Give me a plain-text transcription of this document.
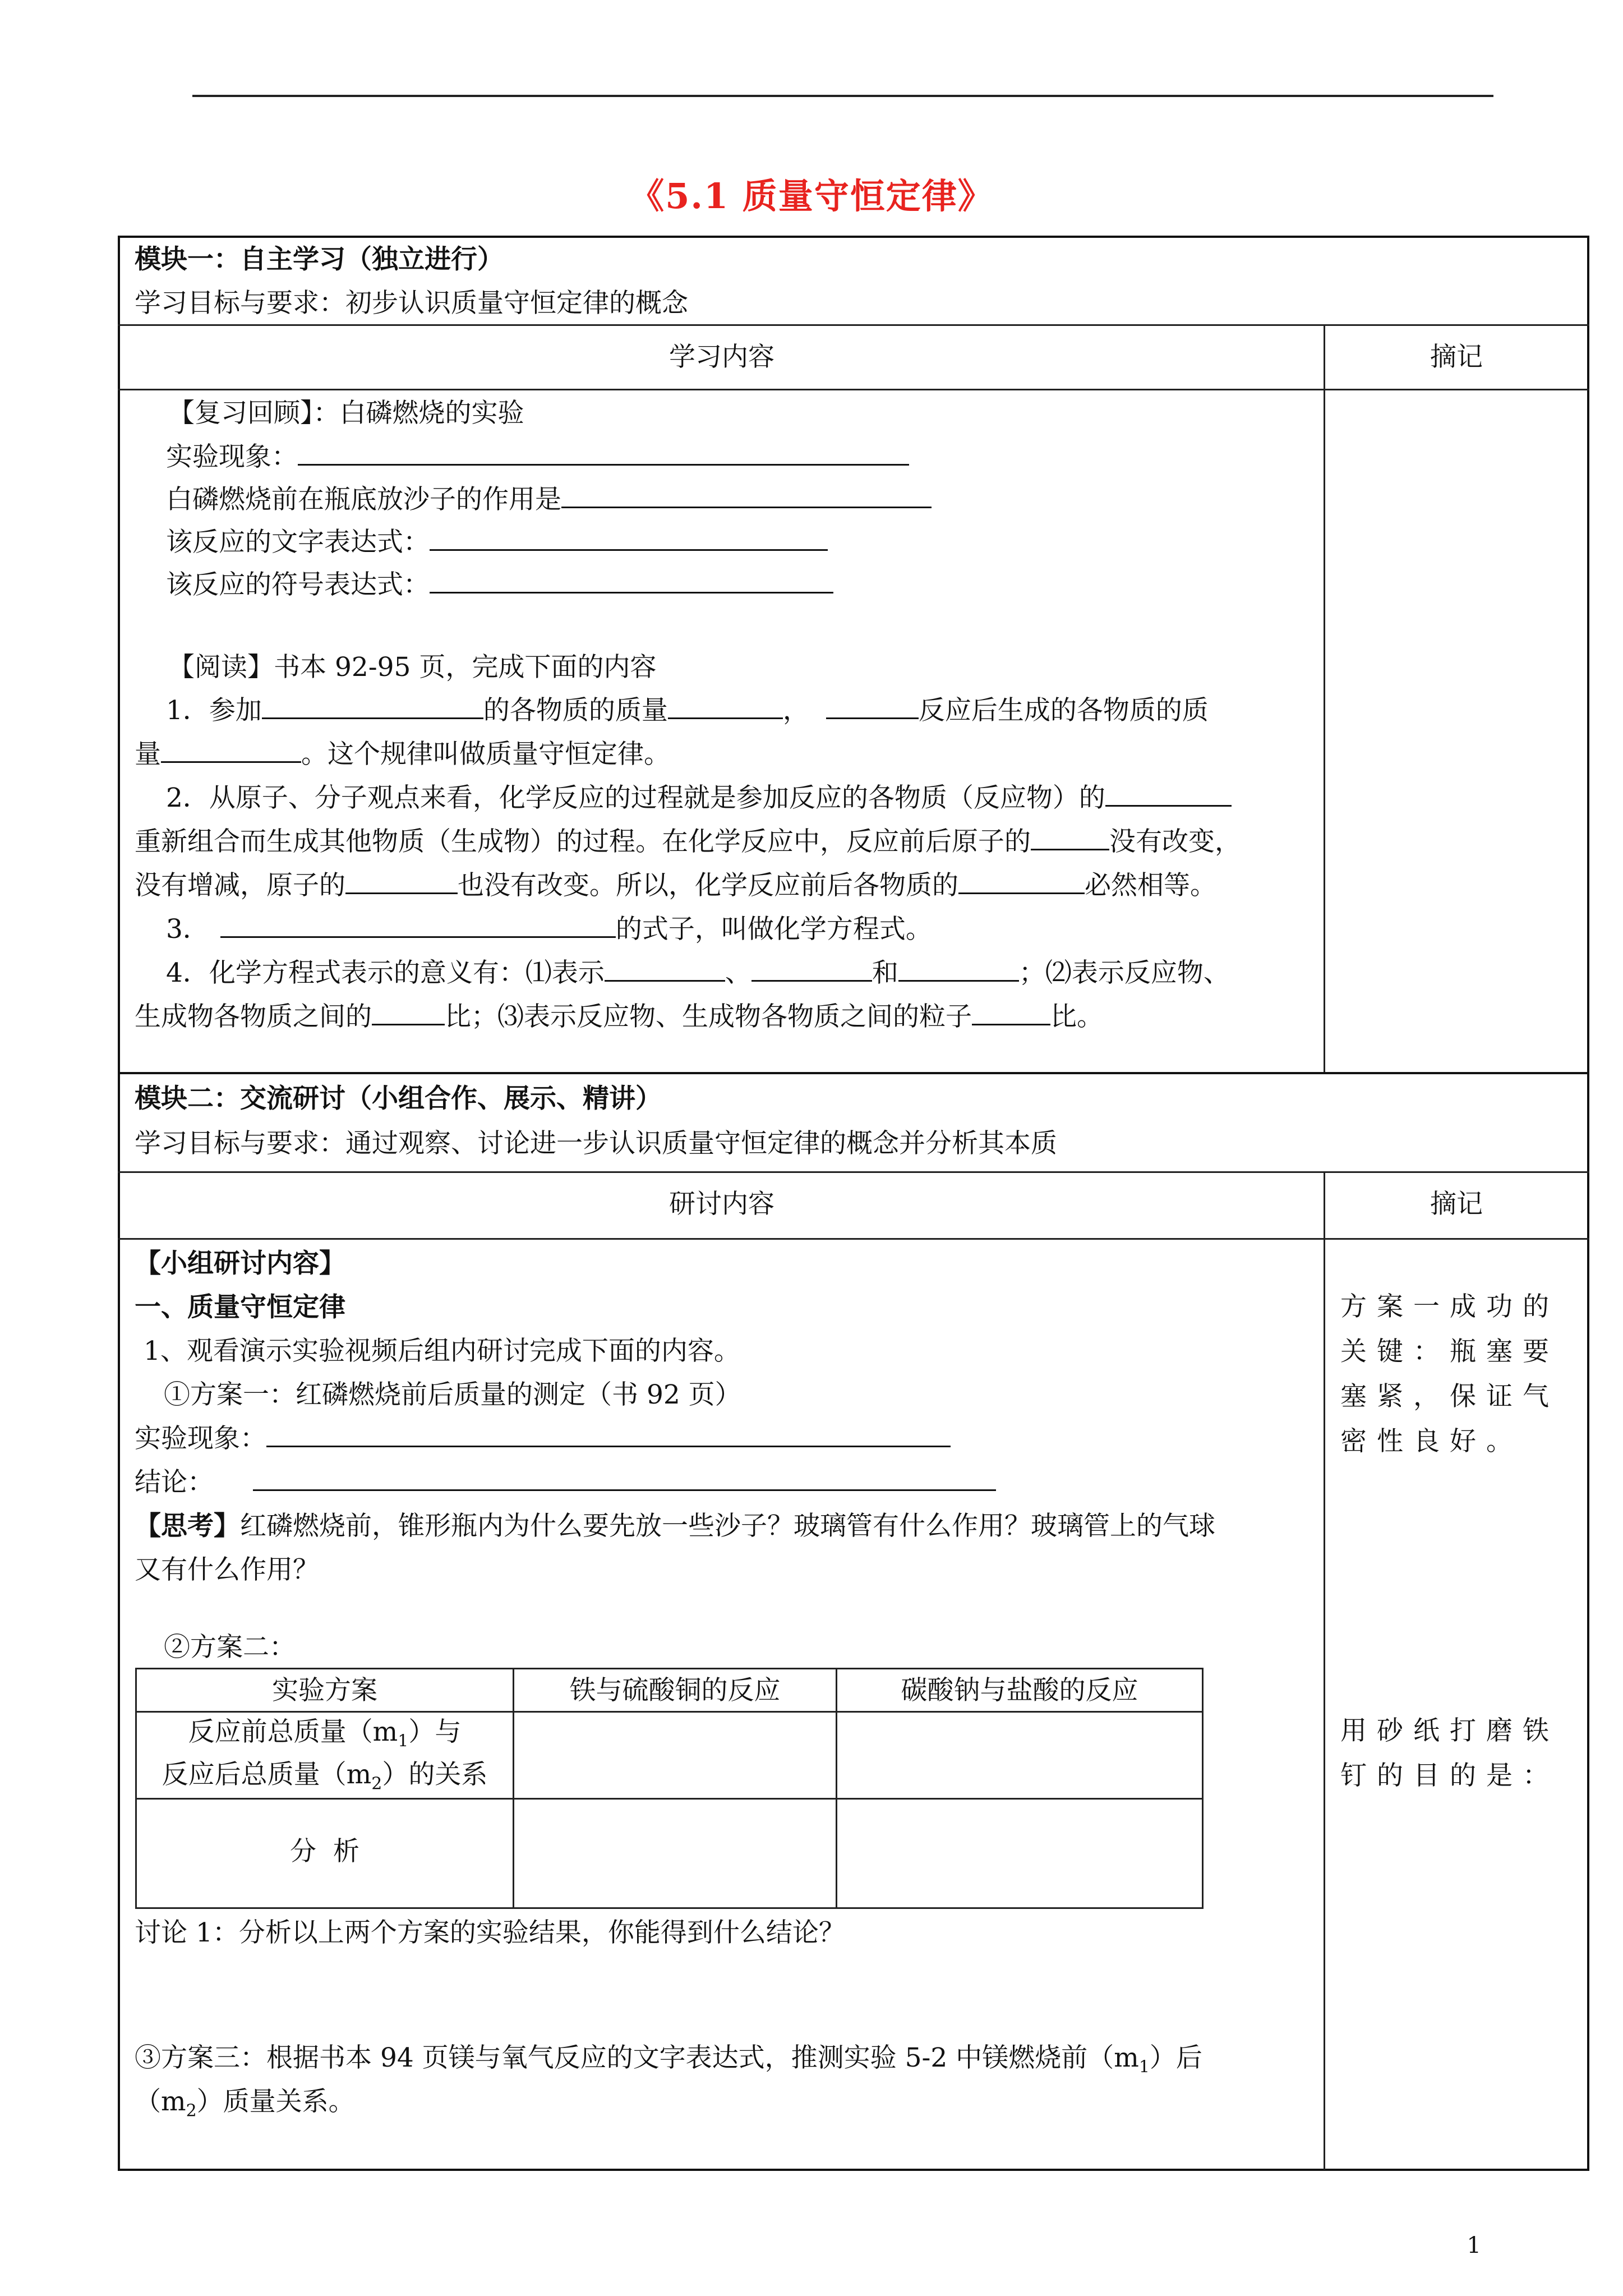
《5.1 质量守恒定律》
模块一：自主学习（独立进行）
学习目标与要求：初步认识质量守恒定律的概念
学习内容	摘记
【复习回顾】：白磷燃烧的实验
实验现象：
白磷燃烧前在瓶底放沙子的作用是
该反应的文字表达式：
该反应的符号表达式：
【阅读】书本 92-95 页，完成下面的内容
1．参加	的各物质的质量	，	反应后生成的各物质的质
量	。这个规律叫做质量守恒定律。
2．从原子、分子观点来看，化学反应的过程就是参加反应的各物质（反应物）的
重新组合而生成其他物质（生成物）的过程。在化学反应中，反应前后原子的	没有改变，
没有增减，原子的	也没有改变。所以，化学反应前后各物质的	必然相等。
3．	的式子，叫做化学方程式。
4．化学方程式表示的意义有：⑴表示	、	和	；⑵表示反应物、
生成物各物质之间的	比；⑶表示反应物、生成物各物质之间的粒子	比。
模块二：交流研讨（小组合作、展示、精讲）
学习目标与要求：通过观察、讨论进一步认识质量守恒定律的概念并分析其本质
研讨内容	摘记
【小组研讨内容】
一、质量守恒定律
1、观看演示实验视频后组内研讨完成下面的内容。
①方案一：红磷燃烧前后质量的测定（书 92 页）
实验现象：
结论：
【思考】红磷燃烧前，锥形瓶内为什么要先放一些沙子？玻璃管有什么作用？玻璃管上的气球
又有什么作用？
②方案二：
实验方案	铁与硫酸铜的反应	碳酸钠与盐酸的反应
反应前总质量$(m_1)$与
反应后总质量$(m_2)$的关系
分  析
讨论 1：分析以上两个方案的实验结果，你能得到什么结论？
③方案三：根据书本 94 页镁与氧气反应的文字表达式，推测实验 5-2 中镁燃烧前$(m_1)$后
$(m_2)$质量关系。
方案一成功的关键：瓶塞要塞紧，保证气密性良好。
用砂纸打磨铁钉的目的是：
1
